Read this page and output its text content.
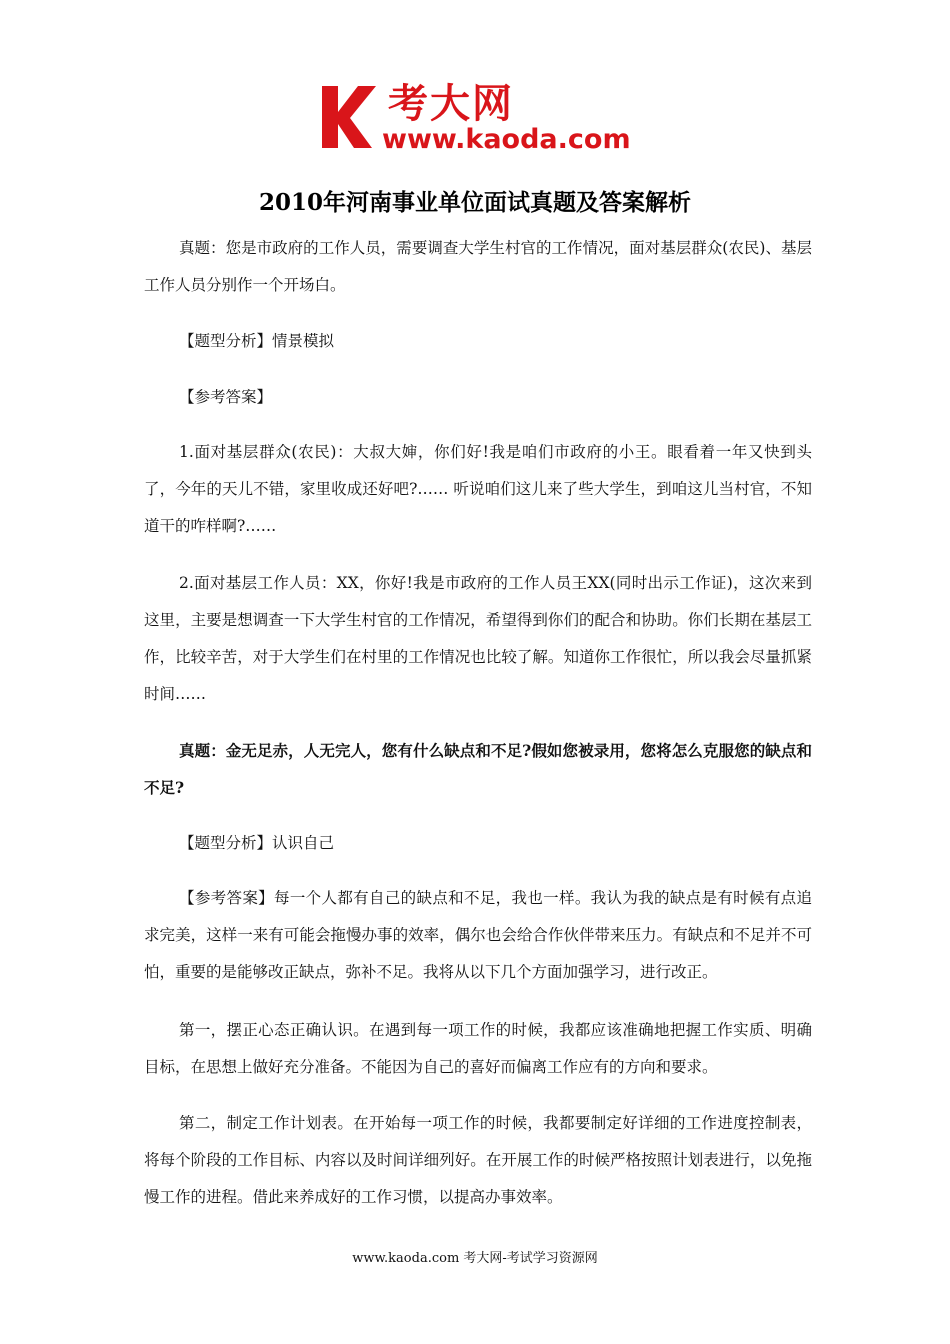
考大网
www.kaoda.com
2010年河南事业单位面试真题及答案解析
真题：您是市政府的工作人员，需要调查大学生村官的工作情况，面对基层群众(农民)、基层工作人员分别作一个开场白。
【题型分析】情景模拟
【参考答案】
1.面对基层群众(农民)：大叔大婶，你们好!我是咱们市政府的小王。眼看着一年又快到头了，今年的天儿不错，家里收成还好吧?…… 听说咱们这儿来了些大学生，到咱这儿当村官，不知道干的咋样啊?……
2.面对基层工作人员：XX，你好!我是市政府的工作人员王XX(同时出示工作证)，这次来到这里，主要是想调查一下大学生村官的工作情况，希望得到你们的配合和协助。你们长期在基层工作，比较辛苦，对于大学生们在村里的工作情况也比较了解。知道你工作很忙，所以我会尽量抓紧时间……
真题：金无足赤，人无完人，您有什么缺点和不足?假如您被录用，您将怎么克服您的缺点和不足?
【题型分析】认识自己
【参考答案】每一个人都有自己的缺点和不足，我也一样。我认为我的缺点是有时候有点追求完美，这样一来有可能会拖慢办事的效率，偶尔也会给合作伙伴带来压力。有缺点和不足并不可怕，重要的是能够改正缺点，弥补不足。我将从以下几个方面加强学习，进行改正。
第一，摆正心态正确认识。在遇到每一项工作的时候，我都应该准确地把握工作实质、明确目标，在思想上做好充分准备。不能因为自己的喜好而偏离工作应有的方向和要求。
第二，制定工作计划表。在开始每一项工作的时候，我都要制定好详细的工作进度控制表，将每个阶段的工作目标、内容以及时间详细列好。在开展工作的时候严格按照计划表进行，以免拖慢工作的进程。借此来养成好的工作习惯，以提高办事效率。
www.kaoda.com 考大网-考试学习资源网
